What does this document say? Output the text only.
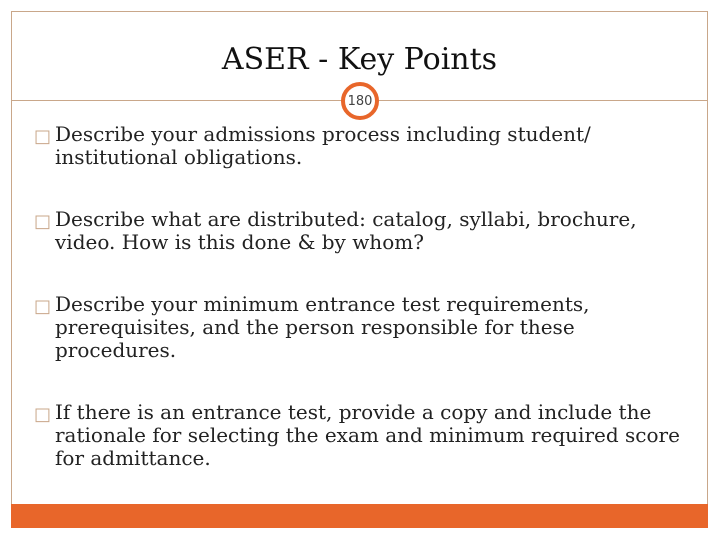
ASER - Key Points
180
□ Describe your admissions process including student/ institutional obligations.
□ Describe what are distributed: catalog, syllabi, brochure, video. How is this done & by whom?
□ Describe your minimum entrance test requirements, prerequisites, and the person responsible for these procedures.
□ If there is an entrance test, provide a copy and include the rationale for selecting the exam and minimum required score for admittance.
